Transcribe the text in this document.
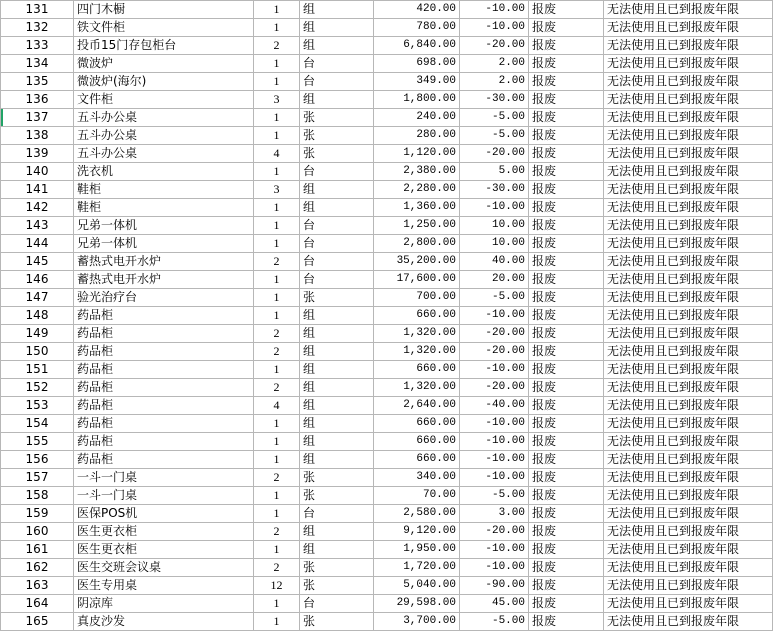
131	四门木橱	1	组	420.00	-10.00	报废	无法使用且已到报废年限
132	铁文件柜	1	组	780.00	-10.00	报废	无法使用且已到报废年限
133	投币15门存包柜台	2	组	6,840.00	-20.00	报废	无法使用且已到报废年限
134	微波炉	1	台	698.00	2.00	报废	无法使用且已到报废年限
135	微波炉(海尔)	1	台	349.00	2.00	报废	无法使用且已到报废年限
136	文件柜	3	组	1,800.00	-30.00	报废	无法使用且已到报废年限
137	五斗办公桌	1	张	240.00	-5.00	报废	无法使用且已到报废年限
138	五斗办公桌	1	张	280.00	-5.00	报废	无法使用且已到报废年限
139	五斗办公桌	4	张	1,120.00	-20.00	报废	无法使用且已到报废年限
140	洗衣机	1	台	2,380.00	5.00	报废	无法使用且已到报废年限
141	鞋柜	3	组	2,280.00	-30.00	报废	无法使用且已到报废年限
142	鞋柜	1	组	1,360.00	-10.00	报废	无法使用且已到报废年限
143	兄弟一体机	1	台	1,250.00	10.00	报废	无法使用且已到报废年限
144	兄弟一体机	1	台	2,800.00	10.00	报废	无法使用且已到报废年限
145	蓄热式电开水炉	2	台	35,200.00	40.00	报废	无法使用且已到报废年限
146	蓄热式电开水炉	1	台	17,600.00	20.00	报废	无法使用且已到报废年限
147	验光治疗台	1	张	700.00	-5.00	报废	无法使用且已到报废年限
148	药品柜	1	组	660.00	-10.00	报废	无法使用且已到报废年限
149	药品柜	2	组	1,320.00	-20.00	报废	无法使用且已到报废年限
150	药品柜	2	组	1,320.00	-20.00	报废	无法使用且已到报废年限
151	药品柜	1	组	660.00	-10.00	报废	无法使用且已到报废年限
152	药品柜	2	组	1,320.00	-20.00	报废	无法使用且已到报废年限
153	药品柜	4	组	2,640.00	-40.00	报废	无法使用且已到报废年限
154	药品柜	1	组	660.00	-10.00	报废	无法使用且已到报废年限
155	药品柜	1	组	660.00	-10.00	报废	无法使用且已到报废年限
156	药品柜	1	组	660.00	-10.00	报废	无法使用且已到报废年限
157	一斗一门桌	2	张	340.00	-10.00	报废	无法使用且已到报废年限
158	一斗一门桌	1	张	70.00	-5.00	报废	无法使用且已到报废年限
159	医保POS机	1	台	2,580.00	3.00	报废	无法使用且已到报废年限
160	医生更衣柜	2	组	9,120.00	-20.00	报废	无法使用且已到报废年限
161	医生更衣柜	1	组	1,950.00	-10.00	报废	无法使用且已到报废年限
162	医生交班会议桌	2	张	1,720.00	-10.00	报废	无法使用且已到报废年限
163	医生专用桌	12	张	5,040.00	-90.00	报废	无法使用且已到报废年限
164	阴凉库	1	台	29,598.00	45.00	报废	无法使用且已到报废年限
165	真皮沙发	1	张	3,700.00	-5.00	报废	无法使用且已到报废年限
